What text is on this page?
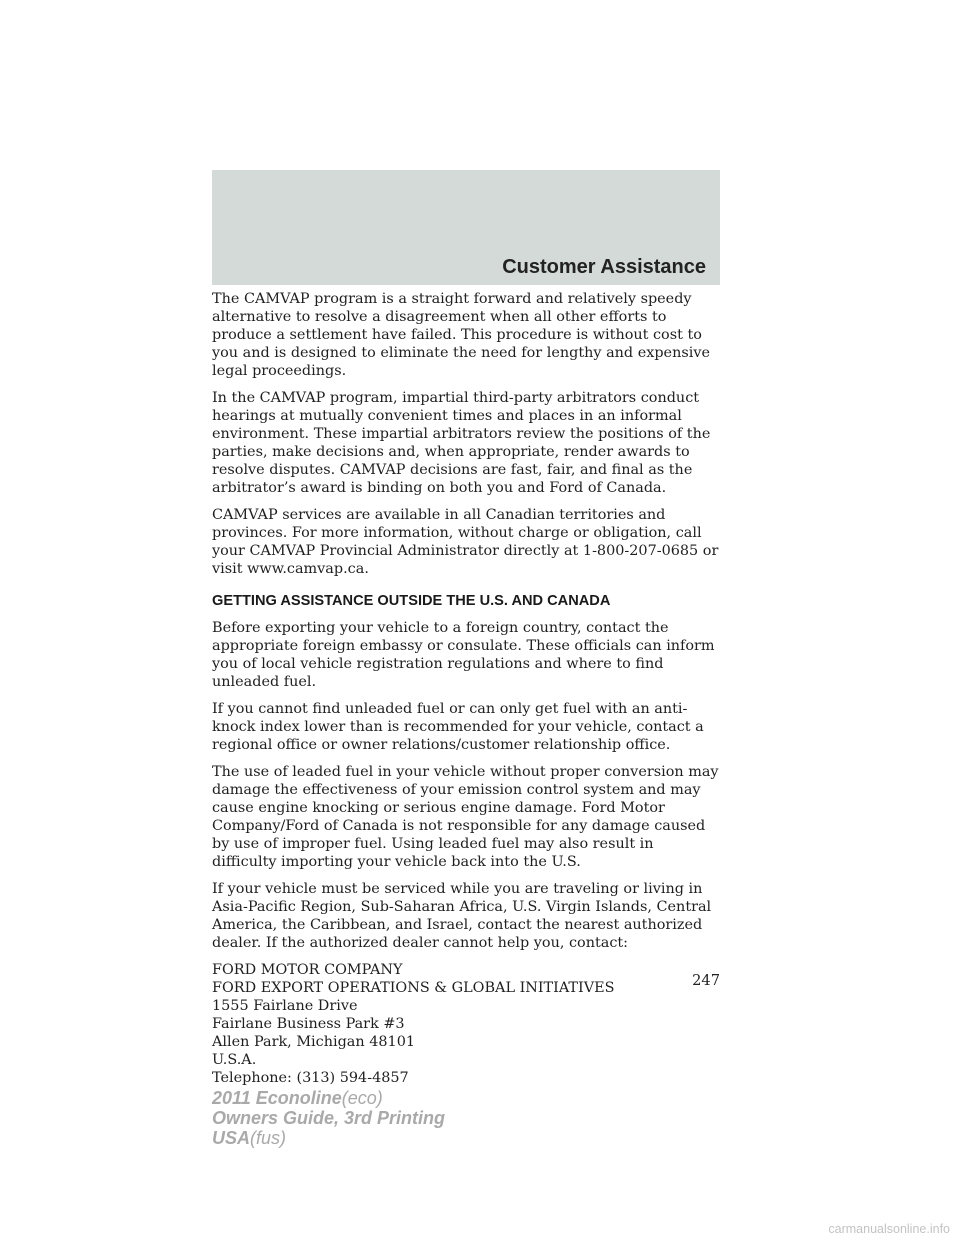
Customer Assistance

The CAMVAP program is a straight forward and relatively speedy alternative to resolve a disagreement when all other efforts to produce a settlement have failed. This procedure is without cost to you and is designed to eliminate the need for lengthy and expensive legal proceedings.

In the CAMVAP program, impartial third-party arbitrators conduct hearings at mutually convenient times and places in an informal environment. These impartial arbitrators review the positions of the parties, make decisions and, when appropriate, render awards to resolve disputes. CAMVAP decisions are fast, fair, and final as the arbitrator’s award is binding on both you and Ford of Canada.

CAMVAP services are available in all Canadian territories and provinces. For more information, without charge or obligation, call your CAMVAP Provincial Administrator directly at 1-800-207-0685 or visit www.camvap.ca.

GETTING ASSISTANCE OUTSIDE THE U.S. AND CANADA

Before exporting your vehicle to a foreign country, contact the appropriate foreign embassy or consulate. These officials can inform you of local vehicle registration regulations and where to find unleaded fuel.

If you cannot find unleaded fuel or can only get fuel with an anti-knock index lower than is recommended for your vehicle, contact a regional office or owner relations/customer relationship office.

The use of leaded fuel in your vehicle without proper conversion may damage the effectiveness of your emission control system and may cause engine knocking or serious engine damage. Ford Motor Company/Ford of Canada is not responsible for any damage caused by use of improper fuel. Using leaded fuel may also result in difficulty importing your vehicle back into the U.S.

If your vehicle must be serviced while you are traveling or living in Asia-Pacific Region, Sub-Saharan Africa, U.S. Virgin Islands, Central America, the Caribbean, and Israel, contact the nearest authorized dealer. If the authorized dealer cannot help you, contact:

FORD MOTOR COMPANY
FORD EXPORT OPERATIONS & GLOBAL INITIATIVES
1555 Fairlane Drive
Fairlane Business Park #3
Allen Park, Michigan 48101
U.S.A.
Telephone: (313) 594-4857
247
2011 Econoline(eco)
Owners Guide, 3rd Printing
USA(fus)
carmanualsonline.info
